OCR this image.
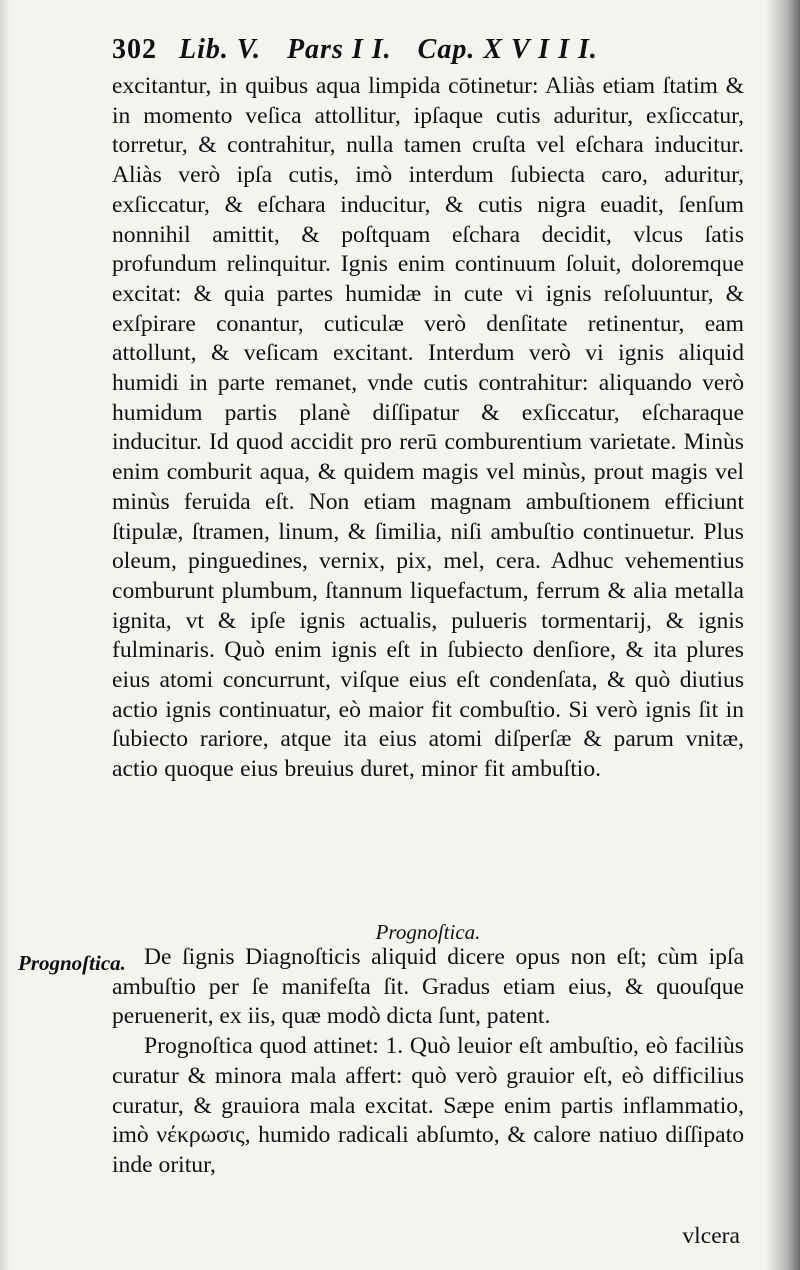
302 Lib. V. Pars I I. Cap. X V I I I.

excitantur, in quibus aqua limpida cōtinetur: Aliàs etiam ſtatim & in momento veſica attollitur, ipſaque cutis aduritur, exſiccatur, torretur, & contrahitur, nulla tamen cruſta vel eſchara inducitur. Aliàs verò ipſa cutis, imò interdum ſubiecta caro, aduritur, exſiccatur, & eſchara inducitur, & cutis nigra euadit, ſenſum nonnihil amittit, & poſtquam eſchara decidit, vlcus ſatis profundum relinquitur. Ignis enim continuum ſoluit, doloremque excitat: & quia partes humidæ in cute vi ignis reſoluuntur, & exſpirare conantur, cuticulæ verò denſitate retinentur, eam attollunt, & veſicam excitant. Interdum verò vi ignis aliquid humidi in parte remanet, vnde cutis contrahitur: aliquando verò humidum partis planè diſſipatur & exſiccatur, eſcharaque inducitur. Id quod accidit pro rerū comburentium varietate. Minùs enim comburit aqua, & quidem magis vel minùs, prout magis vel minùs feruida eſt. Non etiam magnam ambuſtionem efficiunt ſtipulæ, ſtramen, linum, & ſimilia, niſi ambuſtio continuetur. Plus oleum, pinguedines, vernix, pix, mel, cera. Adhuc vehementius comburunt plumbum, ſtannum liquefactum, ferrum & alia metalla ignita, vt & ipſe ignis actualis, pulueris tormentarij, & ignis fulminaris. Quò enim ignis eſt in ſubiecto denſiore, & ita plures eius atomi concurrunt, viſque eius eſt condenſata, & quò diutius actio ignis continuatur, eò maior fit combuſtio. Si verò ignis ſit in ſubiecto rariore, atque ita eius atomi diſperſæ & parum vnitæ, actio quoque eius breuius duret, minor fit ambuſtio.

Prognoſtica.
Prognoſtica. De ſignis Diagnoſticis aliquid dicere opus non eſt; cùm ipſa ambuſtio per ſe manifeſta ſit. Gradus etiam eius, & quouſque peruenerit, ex iis, quæ modò dicta ſunt, patent.

Prognoſtica quod attinet: 1. Quò leuior eſt ambuſtio, eò faciliùs curatur & minora mala affert: quò verò grauior eſt, eò difficilius curatur, & grauiora mala excitat. Sæpe enim partis inflammatio, imò νέκρωσις, humido radicali abſumto, & calore natiuo diſſipato inde oritur,

vlcera
